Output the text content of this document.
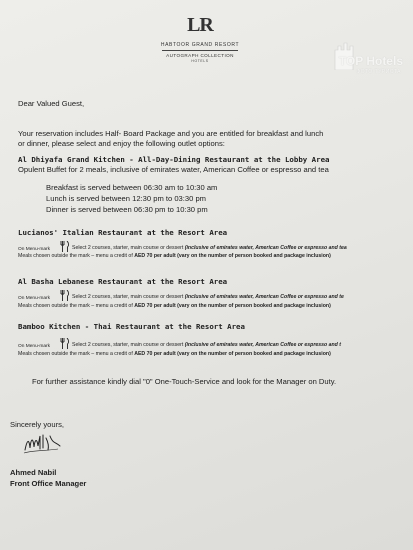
LR
HABTOOR GRAND RESORT
AUTOGRAPH COLLECTION
HOTELS	TOP Hotels
ФОТО ТУРИСТА
Dear Valued Guest,
Your reservation includes Half- Board Package and you are entitled for breakfast and lunch
or dinner, please select and enjoy the following outlet options:
Al Dhiyafa Grand Kitchen - All-Day-Dining Restaurant at the Lobby Area
Opulent Buffet for 2 meals, inclusive of emirates water, American Coffee or espresso and tea
Breakfast is served between 06:30 am to 10:30 am
Lunch is served between 12:30 pm to 03:30 pm
Dinner is served between 06:30 pm to 10:30 pm
Lucianos' Italian Restaurant at the Resort Area
On Menu-mark	Select 2 courses, starter, main course or dessert (inclusive of emirates water, American Coffee or espresso and tea
Meals chosen outside the mark – menu a credit of AED 70 per adult (vary on the number of person booked and package inclusion)
Al Basha Lebanese Restaurant at the Resort Area
On Menu-mark	Select 2 courses, starter, main course or dessert (inclusive of emirates water, American Coffee or espresso and te
Meals chosen outside the mark – menu a credit of AED 70 per adult (vary on the number of person booked and package inclusion)
Bamboo Kitchen - Thai Restaurant at the Resort Area
On Menu-mark	Select 2 courses, starter, main course or dessert (inclusive of emirates water, American Coffee or espresso and t
Meals chosen outside the mark – menu a credit of AED 70 per adult (vary on the number of person booked and package inclusion)
For further assistance kindly dial "0" One-Touch-Service and look for the Manager on Duty.
Sincerely yours,
Ahmed Nabil
Front Office Manager
